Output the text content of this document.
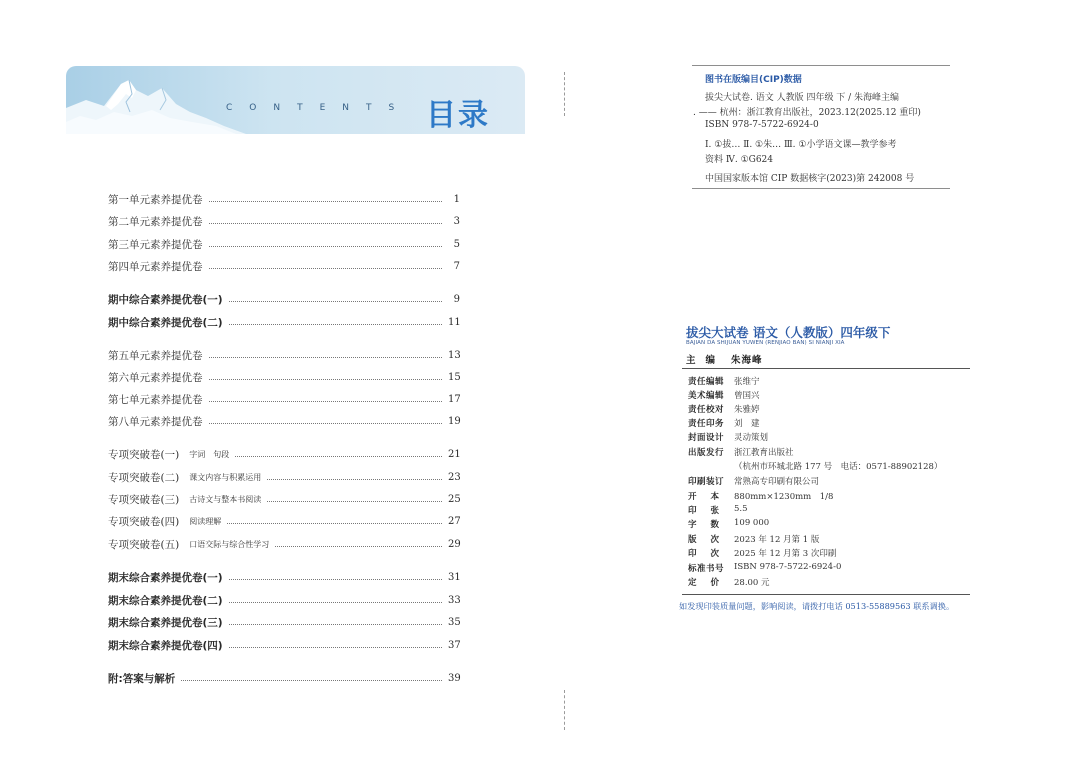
CONTENTS 目录
第一单元素养提优卷	1
第二单元素养提优卷	3
第三单元素养提优卷	5
第四单元素养提优卷	7
期中综合素养提优卷(一)	9
期中综合素养提优卷(二)	11
第五单元素养提优卷	13
第六单元素养提优卷	15
第七单元素养提优卷	17
第八单元素养提优卷	19
专项突破卷(一) 字词　句段	21
专项突破卷(二) 课文内容与积累运用	23
专项突破卷(三) 古诗文与整本书阅读	25
专项突破卷(四) 阅读理解	27
专项突破卷(五) 口语交际与综合性学习	29
期末综合素养提优卷(一)	31
期末综合素养提优卷(二)	33
期末综合素养提优卷(三)	35
期末综合素养提优卷(四)	37
附:答案与解析	39
图书在版编目(CIP)数据
拔尖大试卷. 语文 人教版 四年级 下 / 朱海峰主编
. —— 杭州：浙江教育出版社，2023.12(2025.12 重印)
ISBN 978-7-5722-6924-0
Ⅰ. ①拔… Ⅱ. ①朱… Ⅲ. ①小学语文课—教学参考
资料 Ⅳ. ①G624
中国国家版本馆 CIP 数据核字(2023)第 242008 号
拔尖大试卷 语文（人教版）四年级下
BAJIAN DA SHIJUAN YUWEN (RENJIAO BAN) SI NIANJI XIA
主编 朱海峰
责任编辑	张维宁
美术编辑	曾国兴
责任校对	朱雅婷
责任印务	刘　建
封面设计	灵动策划
出版发行	浙江教育出版社
（杭州市环城北路 177 号　电话：0571-88902128）
印刷装订	常熟高专印刷有限公司
开本 880mm×1230mm　1/8
印张 5.5
字数 109 000
版次 2023 年 12 月第 1 版
印次 2025 年 12 月第 3 次印刷
标准书号	ISBN 978-7-5722-6924-0
定价 28.00 元
如发现印装质量问题，影响阅读，请拨打电话 0513-55889563 联系调换。
